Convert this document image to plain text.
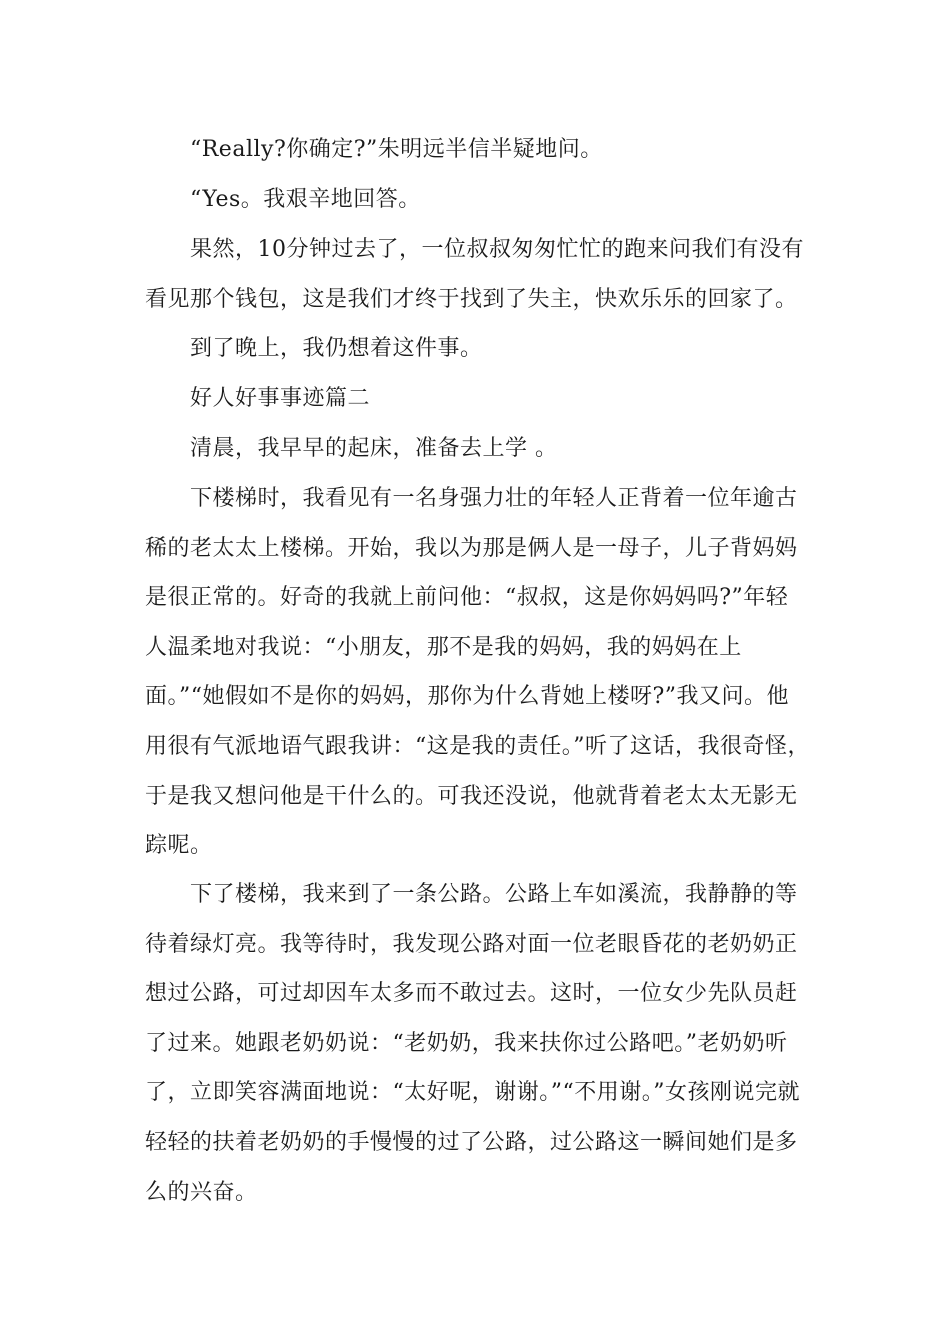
“Really?你确定?”朱明远半信半疑地问。

“Yes。我艰辛地回答。

果然，10分钟过去了，一位叔叔匆匆忙忙的跑来问我们有没有看见那个钱包，这是我们才终于找到了失主，快欢乐乐的回家了。

到了晚上，我仍想着这件事。

好人好事事迹篇二

清晨，我早早的起床，准备去上学 。

下楼梯时，我看见有一名身强力壮的年轻人正背着一位年逾古稀的老太太上楼梯。开始，我以为那是俩人是一母子，儿子背妈妈是很正常的。好奇的我就上前问他：“叔叔，这是你妈妈吗?”年轻人温柔地对我说：“小朋友，那不是我的妈妈，我的妈妈在上面。”“她假如不是你的妈妈，那你为什么背她上楼呀?”我又问。他用很有气派地语气跟我讲：“这是我的责任。”听了这话，我很奇怪，于是我又想问他是干什么的。可我还没说，他就背着老太太无影无踪呢。

下了楼梯，我来到了一条公路。公路上车如溪流，我静静的等待着绿灯亮。我等待时，我发现公路对面一位老眼昏花的老奶奶正想过公路，可过却因车太多而不敢过去。这时，一位女少先队员赶了过来。她跟老奶奶说：“老奶奶，我来扶你过公路吧。”老奶奶听了，立即笑容满面地说：“太好呢，谢谢。”“不用谢。”女孩刚说完就轻轻的扶着老奶奶的手慢慢的过了公路，过公路这一瞬间她们是多么的兴奋。
